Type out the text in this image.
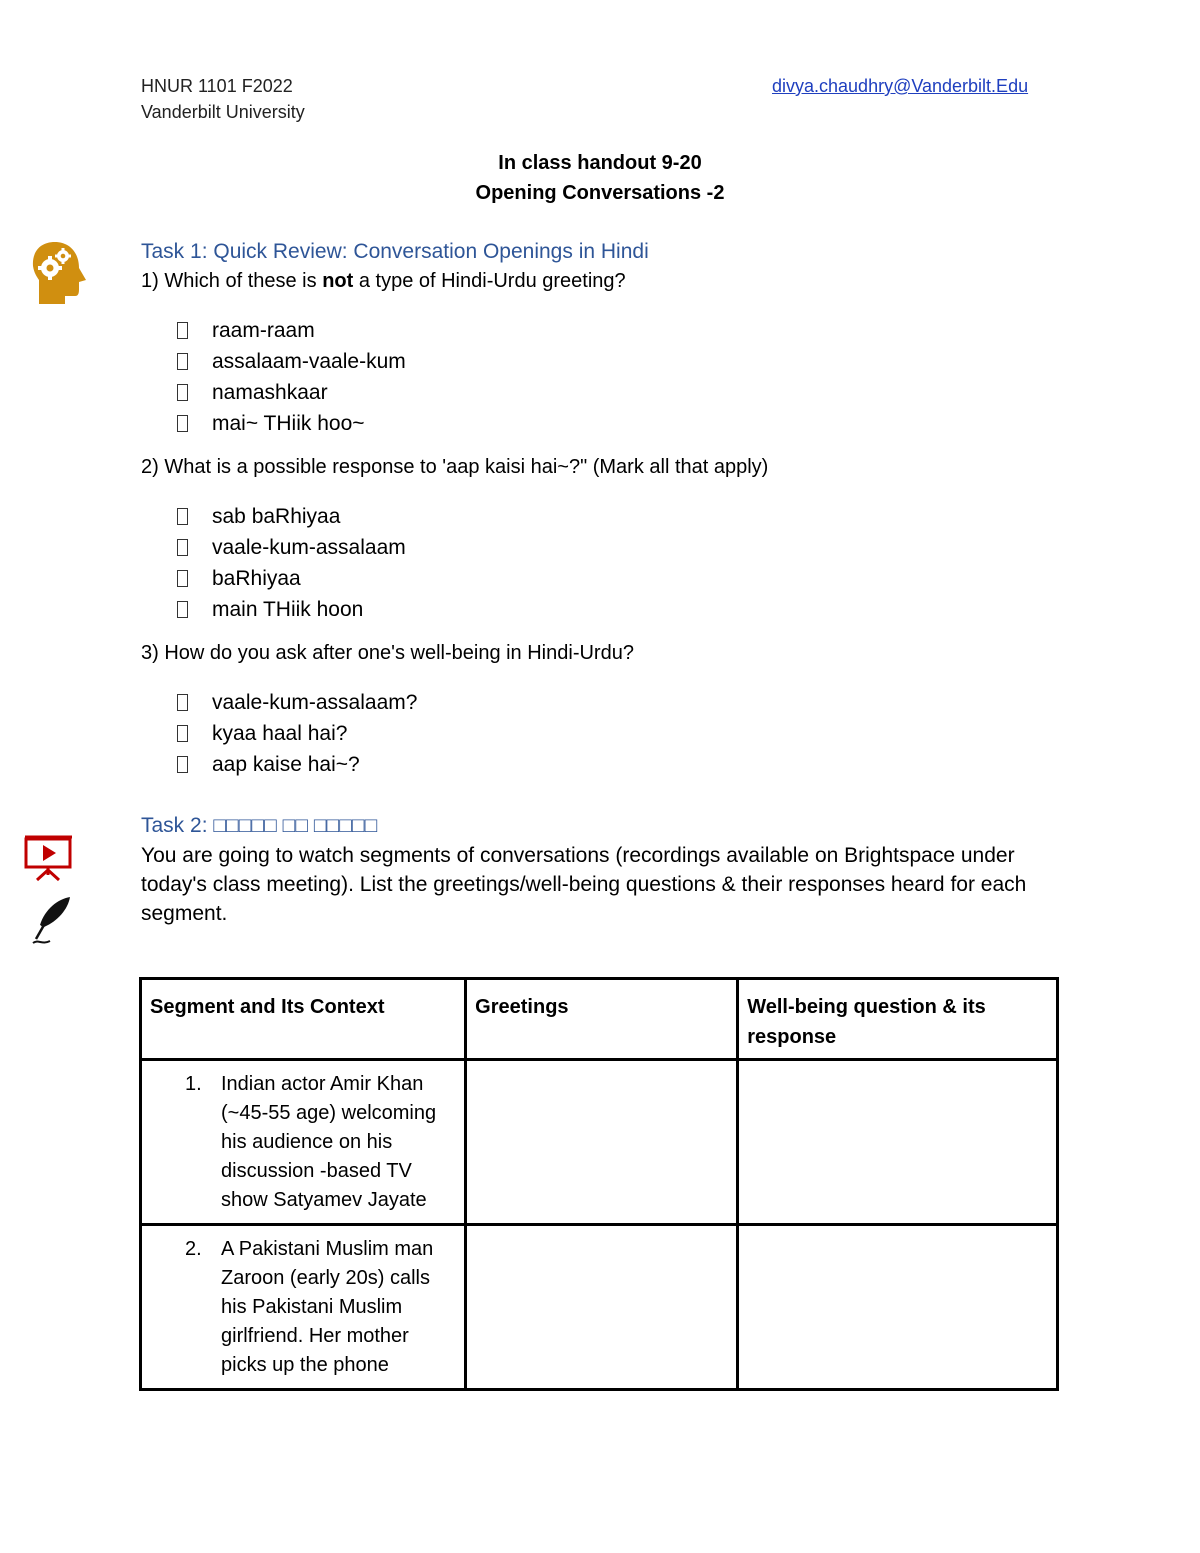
HNUR 1101 F2022
Vanderbilt University
divya.chaudhry@Vanderbilt.Edu
In class handout 9-20
Opening Conversations -2
Task 1: Quick Review: Conversation Openings in Hindi
1) Which of these is not a type of Hindi-Urdu greeting?
raam-raam
assalaam-vaale-kum
namashkaar
mai~ THiik hoo~
2) What is a possible response to 'aap kaisi hai~?" (Mark all that apply)
sab baRhiyaa
vaale-kum-assalaam
baRhiyaa
main THiik hoon
3) How do you ask after one's well-being in Hindi-Urdu?
vaale-kum-assalaam?
kyaa haal hai?
aap kaise hai~?
Task 2: □□□□□ □□ □□□□□
You are going to watch segments of conversations (recordings available on Brightspace under today's class meeting). List the greetings/well-being questions & their responses heard for each segment.
Segment and Its Context	Greetings	Well-being question & its response

1. Indian actor Amir Khan (~45-55 age) welcoming his audience on his discussion -based TV show Satyamev Jayate		

2. A Pakistani Muslim man Zaroon (early 20s) calls his Pakistani Muslim girlfriend. Her mother picks up the phone		
